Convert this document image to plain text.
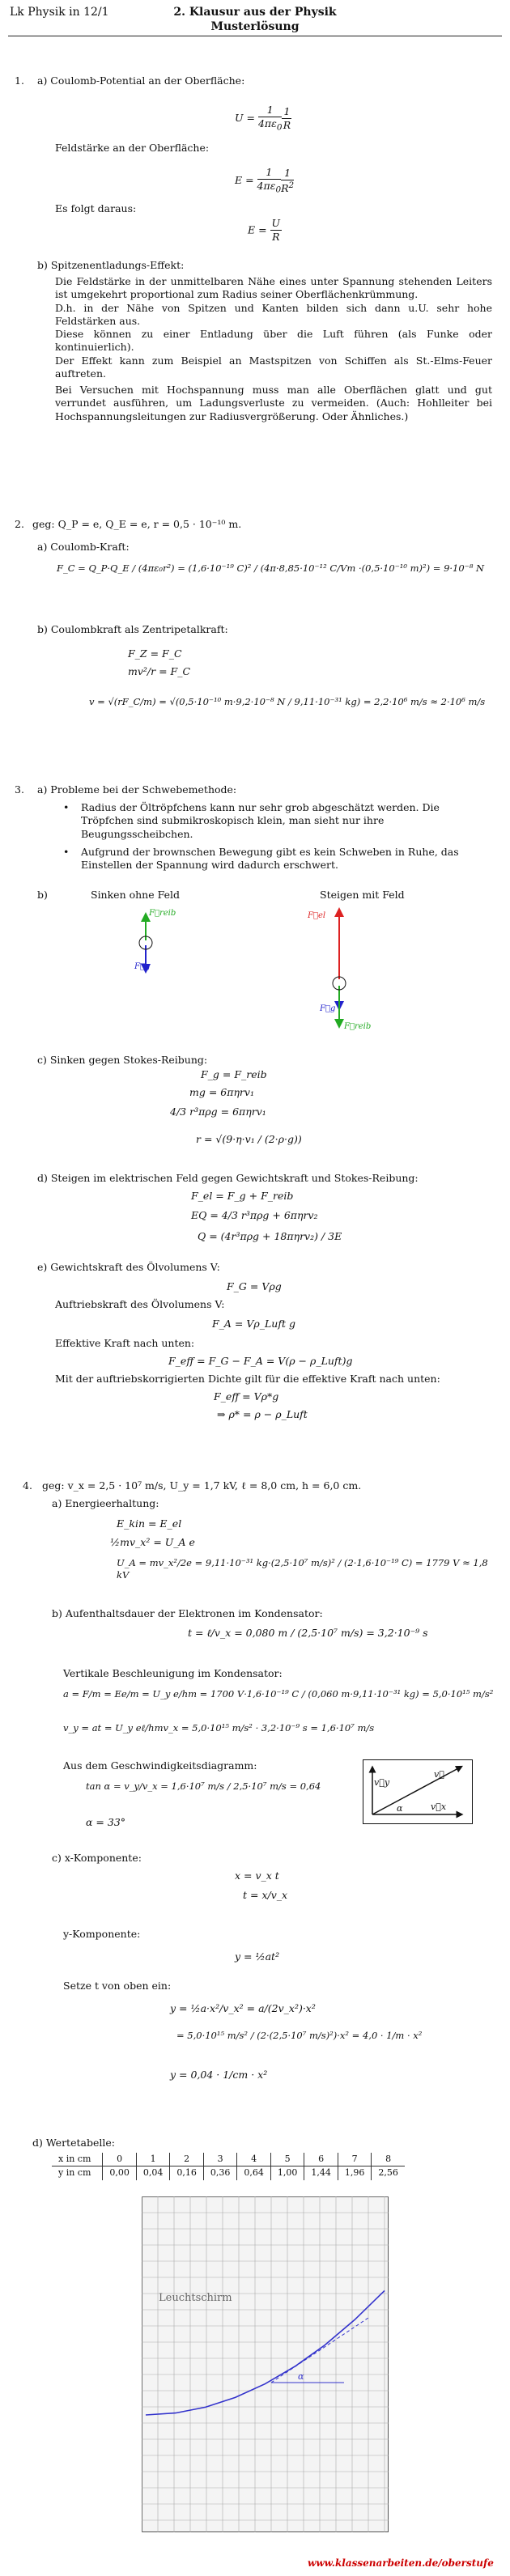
Lk Physik in 12/1	2. Klausur aus der Physik
Musterlösung
1. a) Coulomb-Potential an der Oberfläche:
$U = \frac{1}{4\pi\varepsilon_0} \frac{1}{R}$
Feldstärke an der Oberfläche:
$E = \frac{1}{4\pi\varepsilon_0} \frac{1}{R^2}$
Es folgt daraus:
$E = \frac{U}{R}$
b) Spitzenentladungs-Effekt:

Die Feldstärke in der unmittelbaren Nähe eines unter Spannung stehenden Leiters ist umgekehrt proportional zum Radius seiner Oberflächenkrümmung.

D.h. in der Nähe von Spitzen und Kanten bilden sich dann u.U. sehr hohe Feldstärken aus.

Diese können zu einer Entladung über die Luft führen (als Funke oder kontinuierlich).

Der Effekt kann zum Beispiel an Mastspitzen von Schiffen als St.-Elms-Feuer auftreten.

Bei Versuchen mit Hochspannung muss man alle Oberflächen glatt und gut verrundet ausführen, um Ladungsverluste zu vermeiden. (Auch: Hohlleiter bei Hochspannungsleitungen zur Radiusvergrößerung. Oder Ähnliches.)

2. geg: Q_P = e, Q_E = e, r = 0,5 · 10⁻¹⁰ m.
a) Coulomb-Kraft:
F_C = Q_P·Q_E / (4πε₀r²) = (1,6·10⁻¹⁹ C)² / (4π·8,85·10⁻¹² C/Vm ·(0,5·10⁻¹⁰ m)²) = 9·10⁻⁸ N
b) Coulombkraft als Zentripetalkraft:
F_Z = F_C
mv²/r = F_C
v = √(rF_C/m) = √(0,5·10⁻¹⁰ m·9,2·10⁻⁸ N / 9,11·10⁻³¹ kg) = 2,2·10⁶ m/s ≈ 2·10⁶ m/s
3. a) Probleme bei der Schwebemethode:
• Radius der Öltröpfchens kann nur sehr grob abgeschätzt werden. Die Tröpfchen sind submikroskopisch klein, man sieht nur ihre Beugungsscheibchen.
• Aufgrund der brownschen Bewegung gibt es kein Schweben in Ruhe, das Einstellen der Spannung wird dadurch erschwert.
b)	Sinken ohne Feld	Steigen mit Feld
F⃗reib
F⃗g
F⃗el
F⃗g
F⃗reib
c) Sinken gegen Stokes-Reibung:
F_g = F_reib
mg = 6πηrv₁
4/3 r³πρg = 6πηrv₁
r = √(9·η·v₁ / (2·ρ·g))
d) Steigen im elektrischen Feld gegen Gewichtskraft und Stokes-Reibung:
F_el = F_g + F_reib
EQ = 4/3 r³πρg + 6πηrv₂
Q = (4r³πρg + 18πηrv₂) / 3E
e) Gewichtskraft des Ölvolumens V:
F_G = Vρg
Auftriebskraft des Ölvolumens V:
F_A = Vρ_Luft g
Effektive Kraft nach unten:
F_eff = F_G − F_A = V(ρ − ρ_Luft)g
Mit der auftriebskorrigierten Dichte gilt für die effektive Kraft nach unten:
F_eff = Vρ*g
⇒ ρ* = ρ − ρ_Luft
4. geg: v_x = 2,5 · 10⁷ m/s, U_y = 1,7 kV, ℓ = 8,0 cm, h = 6,0 cm.
a) Energieerhaltung:
E_kin = E_el
½mv_x² = U_A e
U_A = mv_x²/2e = 9,11·10⁻³¹ kg·(2,5·10⁷ m/s)² / (2·1,6·10⁻¹⁹ C) = 1779 V ≈ 1,8 kV
b) Aufenthaltsdauer der Elektronen im Kondensator:
t = ℓ/v_x = 0,080 m / (2,5·10⁷ m/s) = 3,2·10⁻⁹ s
Vertikale Beschleunigung im Kondensator:
a = F/m = Ee/m = U_y e/hm = 1700 V·1,6·10⁻¹⁹ C / (0,060 m·9,11·10⁻³¹ kg) = 5,0·10¹⁵ m/s²
v_y = at = U_y eℓ/hmv_x = 5,0·10¹⁵ m/s² · 3,2·10⁻⁹ s = 1,6·10⁷ m/s
Aus dem Geschwindigkeitsdiagramm:
tan α = v_y/v_x = 1,6·10⁷ m/s / 2,5·10⁷ m/s = 0,64
α = 33°
v⃗y
v⃗
v⃗x
α
c) x-Komponente:
x = v_x t
t = x/v_x
y-Komponente:
y = ½at²
Setze t von oben ein:
y = ½a·x²/v_x² = a/(2v_x²)·x²
= 5,0·10¹⁵ m/s² / (2·(2,5·10⁷ m/s)²)·x² = 4,0 · 1/m · x²
y = 0,04 · 1/cm · x²
d) Wertetabelle:
x in cm	0	1	2	3	4	5	6	7	8
y in cm	0,00	0,04	0,16	0,36	0,64	1,00	1,44	1,96	2,56
Leuchtschirm
α
www.klassenarbeiten.de/oberstufe
